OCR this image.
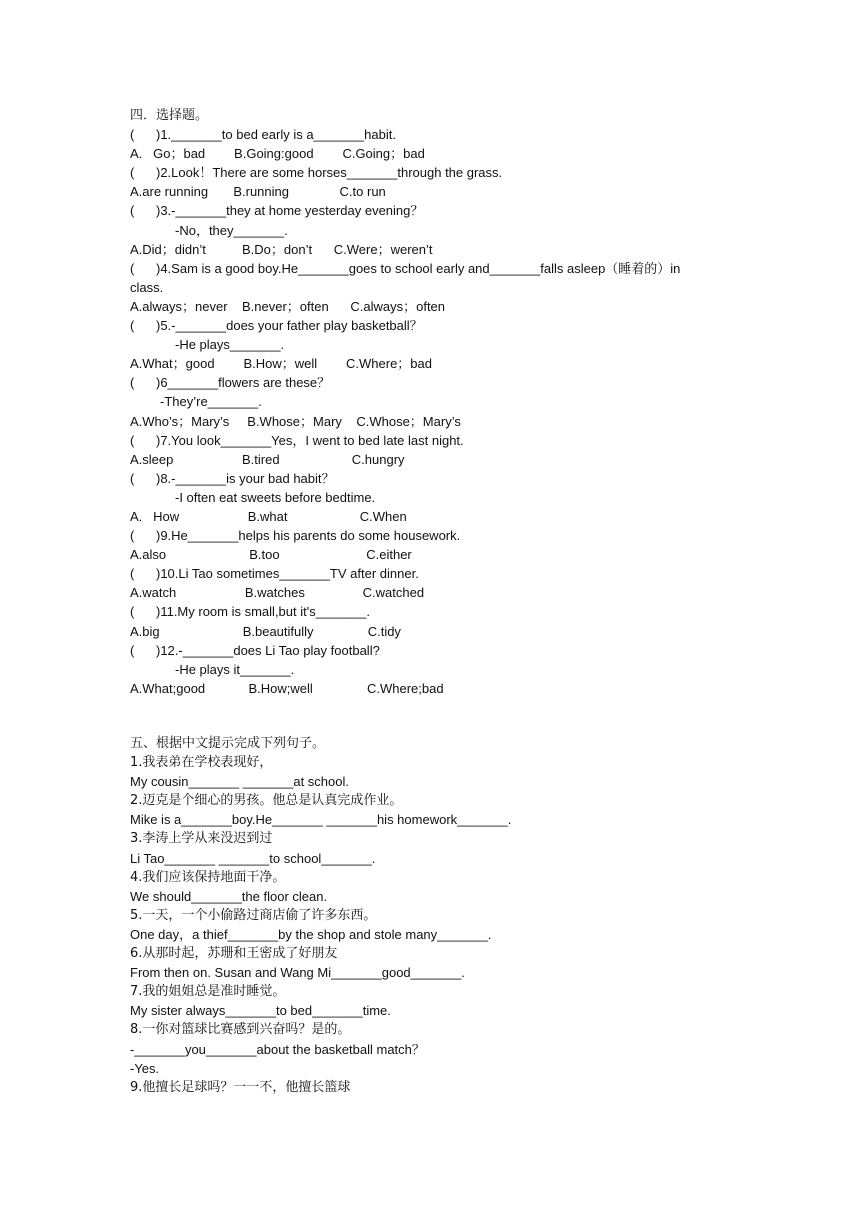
四．选择题。
(      )1._______to bed early is a_______habit.
A.   Go；bad        B.Going:good        C.Going；bad
(      )2.Look！There are some horses_______through the grass.
A.are running       B.running              C.to run
(      )3.-_______they at home yesterday evening？
-No，they_______.
A.Did；didn’t          B.Do；don’t      C.Were；weren’t
(      )4.Sam is a good boy.He_______goes to school early and_______falls asleep（睡着的）in
class.
A.always；never    B.never；often      C.always；often
(      )5.-_______does your father play basketball？
-He plays_______.
A.What；good        B.How；well        C.Where；bad
(      )6_______flowers are these？
-They’re_______.
A.Who’s；Mary’s     B.Whose；Mary    C.Whose；Mary’s
(      )7.You look_______Yes，I went to bed late last night.
A.sleep                   B.tired                    C.hungry
(      )8.-_______is your bad habit？
-I often eat sweets before bedtime.
A.   How                   B.what                    C.When
(      )9.He_______helps his parents do some housework.
A.also                       B.too                        C.either
(      )10.Li Tao sometimes_______TV after dinner.
A.watch                   B.watches                C.watched
(      )11.My room is small,but it's_______.
A.big                       B.beautifully               C.tidy
(      )12.-_______does Li Tao play football?
-He plays it_______.
A.What;good            B.How;well               C.Where;bad
五、根据中文提示完成下列句子。
1.我表弟在学校表现好，
My cousin_______ _______at school.
2.迈克是个细心的男孩。他总是认真完成作业。
Mike is a_______boy.He_______ _______his homework_______.
3.李涛上学从来没迟到过
Li Tao_______ _______to school_______.
4.我们应该保持地面干净。
We should_______the floor clean.
5.一天，一个小偷路过商店偷了许多东西。
One day，a thief_______by the shop and stole many_______.
6.从那时起，苏珊和王密成了好朋友
From then on. Susan and Wang Mi_______good_______.
7.我的姐姐总是准时睡觉。
My sister always_______to bed_______time.
8.一你对篮球比赛感到兴奋吗？是的。
-_______you_______about the basketball match？
-Yes.
9.他擅长足球吗？一一不，他擅长篮球
